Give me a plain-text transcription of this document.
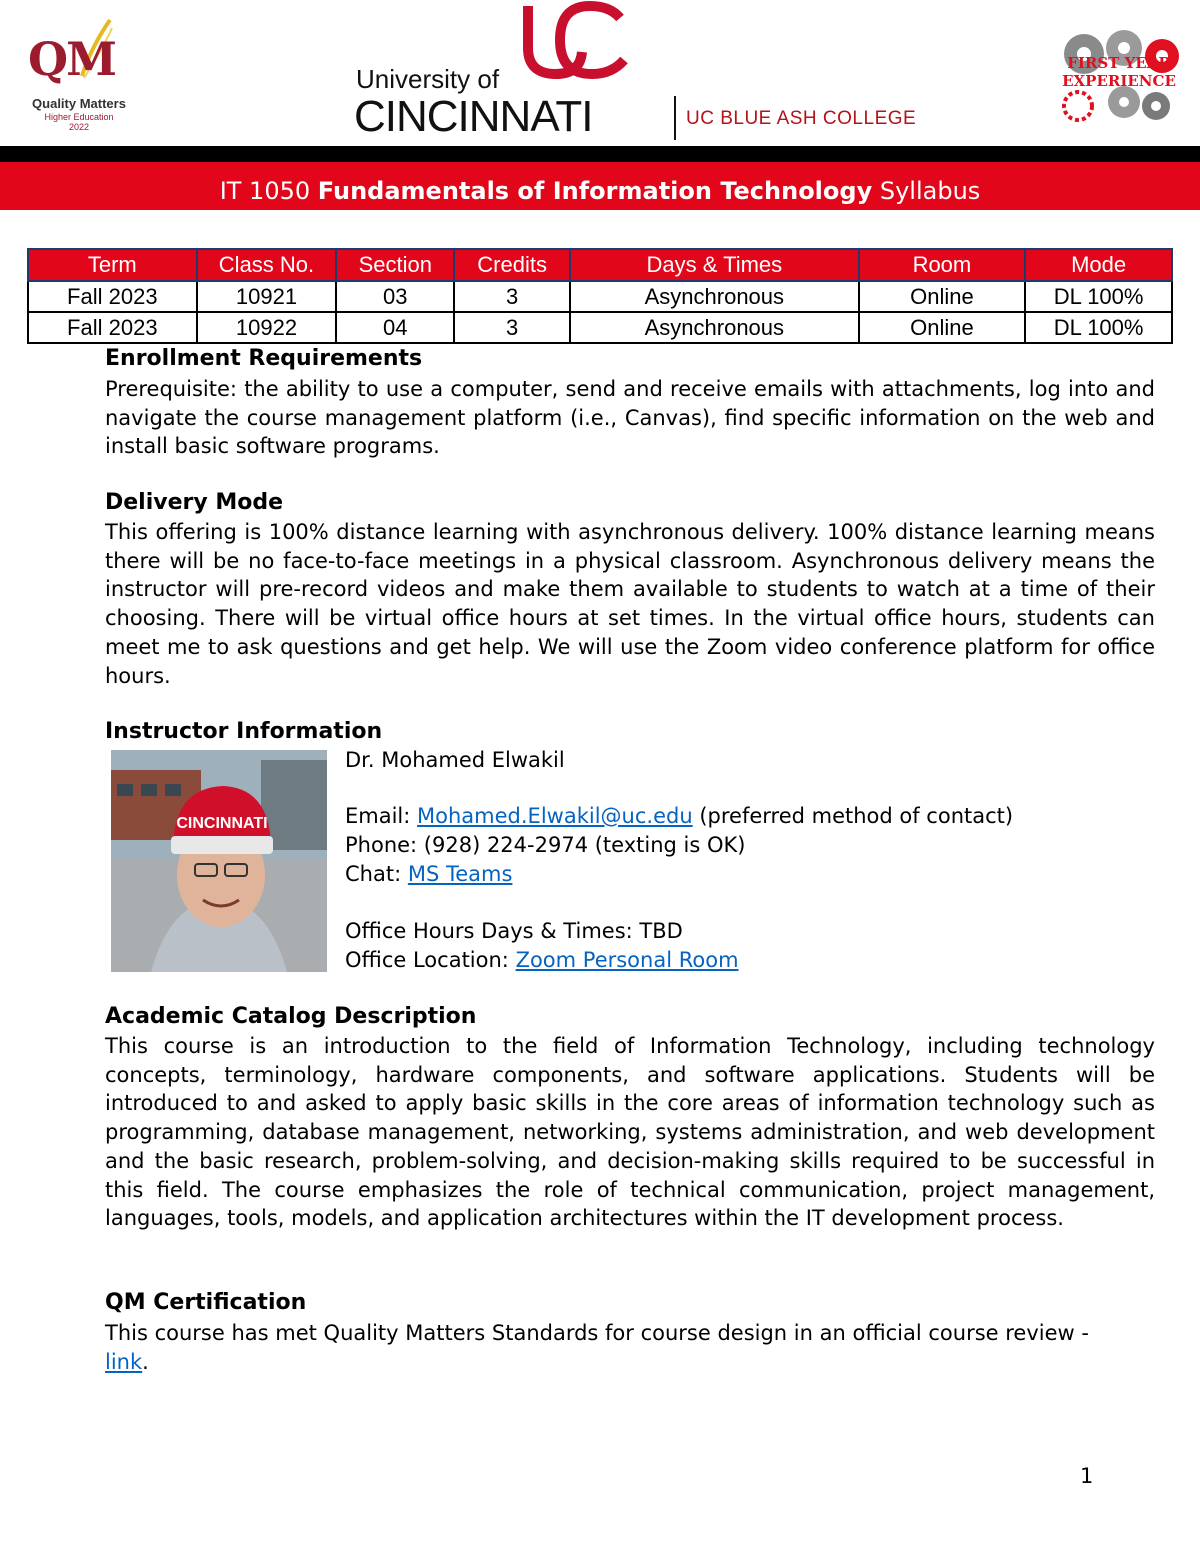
QM
Quality Matters
Higher Education
2022
University of
CINCINNATI	UC BLUE ASH COLLEGE
FIRST YEAR
EXPERIENCE
IT 1050 Fundamentals of Information Technology Syllabus
Term	Class No.	Section	Credits	Days & Times	Room	Mode
Fall 2023	10921	03	3	Asynchronous	Online	DL 100%
Fall 2023	10922	04	3	Asynchronous	Online	DL 100%
Enrollment Requirements
Prerequisite: the ability to use a computer, send and receive emails with attachments, log into and navigate the course management platform (i.e., Canvas), find specific information on the web and install basic software programs.
Delivery Mode
This offering is 100% distance learning with asynchronous delivery. 100% distance learning means there will be no face-to-face meetings in a physical classroom. Asynchronous delivery means the instructor will pre-record videos and make them available to students to watch at a time of their choosing. There will be virtual office hours at set times. In the virtual office hours, students can meet me to ask questions and get help. We will use the Zoom video conference platform for office hours.
Instructor Information
CINCINNATI
Dr. Mohamed Elwakil
Email: Mohamed.Elwakil@uc.edu (preferred method of contact)
Phone: (928) 224-2974 (texting is OK)
Chat: MS Teams
Office Hours Days & Times: TBD
Office Location: Zoom Personal Room
Academic Catalog Description
This course is an introduction to the field of Information Technology, including technology concepts, terminology, hardware components, and software applications. Students will be introduced to and asked to apply basic skills in the core areas of information technology such as programming, database management, networking, systems administration, and web development and the basic research, problem-solving, and decision-making skills required to be successful in this field. The course emphasizes the role of technical communication, project management, languages, tools, models, and application architectures within the IT development process.
QM Certification
This course has met Quality Matters Standards for course design in an official course review - link.
1
